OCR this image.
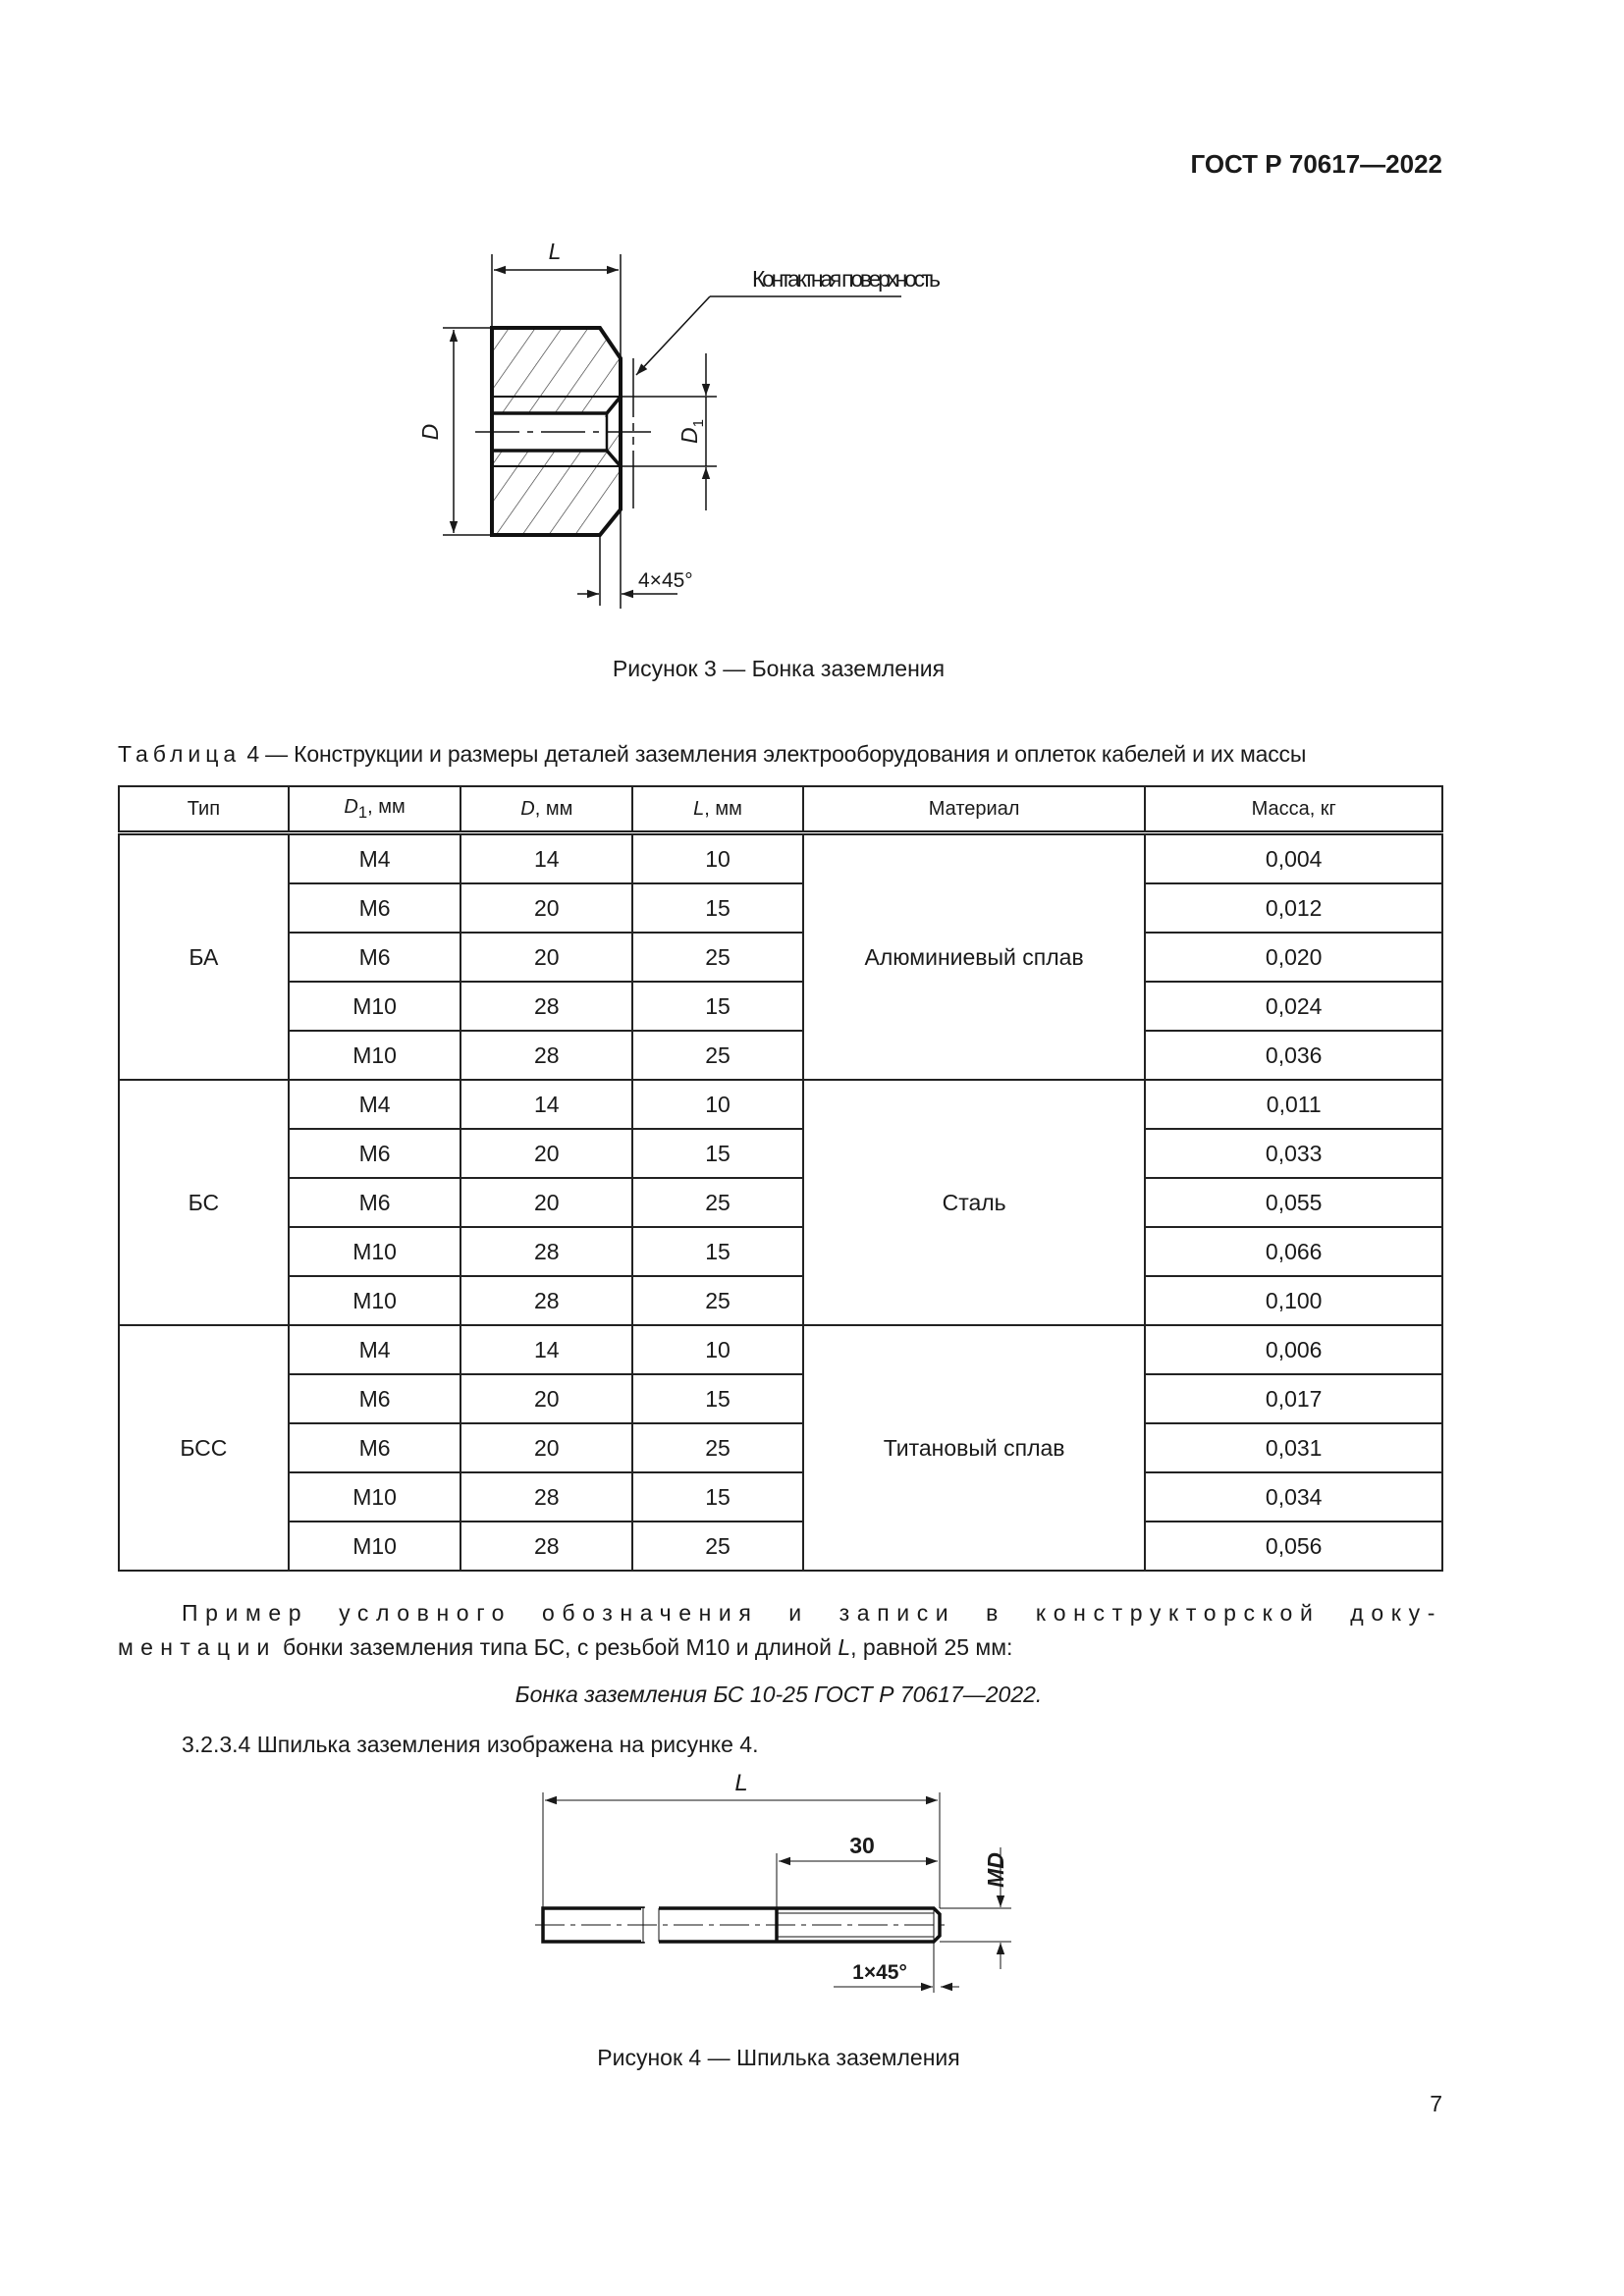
ГОСТ Р 70617—2022
L
D	$D_1$
Контактная поверхность
4×45°
Рисунок 3 — Бонка заземления
Таблица 4 — Конструкции и размеры деталей заземления электрооборудования и оплеток кабелей и их массы
Тип	$D_1$, мм	D, мм	L, мм	Материал	Масса, кг
БА	М4	14	10	Алюминиевый сплав	0,004
	М6	20	15		0,012
	М6	20	25		0,020
	М10	28	15		0,024
	М10	28	25		0,036
БС	М4	14	10	Сталь	0,011
	М6	20	15		0,033
	М6	20	25		0,055
	М10	28	15		0,066
	М10	28	25		0,100
БСС	М4	14	10	Титановый сплав	0,006
	М6	20	15		0,017
	М6	20	25		0,031
	М10	28	15		0,034
	М10	28	25		0,056
Пример условного обозначения и записи в конструкторской доку-
ментации бонки заземления типа БС, с резьбой М10 и длиной L, равной 25 мм:
Бонка заземления БС 10-25 ГОСТ Р 70617—2022.
3.2.3.4 Шпилька заземления изображена на рисунке 4.
L
30
MD
1×45°
Рисунок 4 — Шпилька заземления
7
